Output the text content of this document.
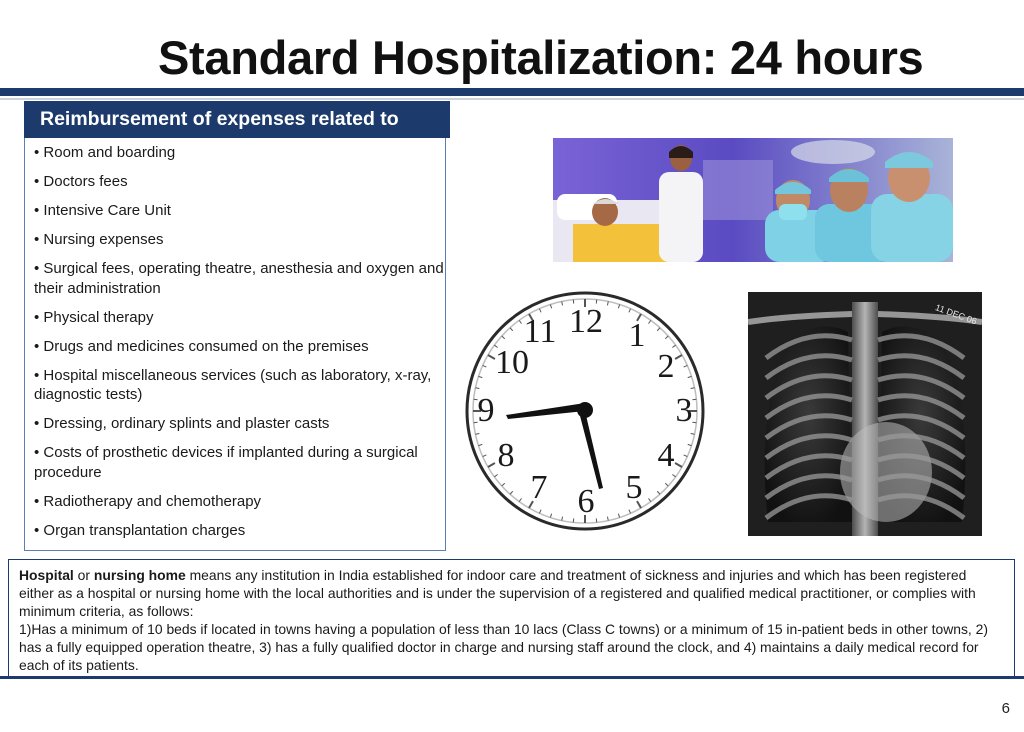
Standard Hospitalization: 24 hours
Reimbursement of expenses related to
• Room and boarding
• Doctors fees
• Intensive Care Unit
• Nursing expenses
• Surgical fees, operating theatre, anesthesia and oxygen and their administration
• Physical therapy
• Drugs and medicines consumed on the premises
• Hospital miscellaneous services (such as laboratory, x-ray, diagnostic tests)
• Dressing, ordinary splints and plaster casts
• Costs of prosthetic devices if implanted during a surgical procedure
• Radiotherapy and chemotherapy
• Organ transplantation charges
12 1
2
3
4
5
6
7
8
9
10
11	11 DEC 06

Hospital or nursing home means any institution in India established for indoor care and treatment of sickness and injuries and which has been registered either as a hospital or nursing home with the local authorities and is under the supervision of a registered and qualified medical practitioner, or complies with minimum criteria, as follows:

1)Has a minimum of 10 beds if located in towns having a population of less than 10 lacs (Class C towns) or a minimum of 15 in-patient beds in other towns, 2) has a fully equipped operation theatre, 3) has a fully qualified doctor in charge and nursing staff around the clock, and 4) maintains a daily medical record for each of its patients.

6
